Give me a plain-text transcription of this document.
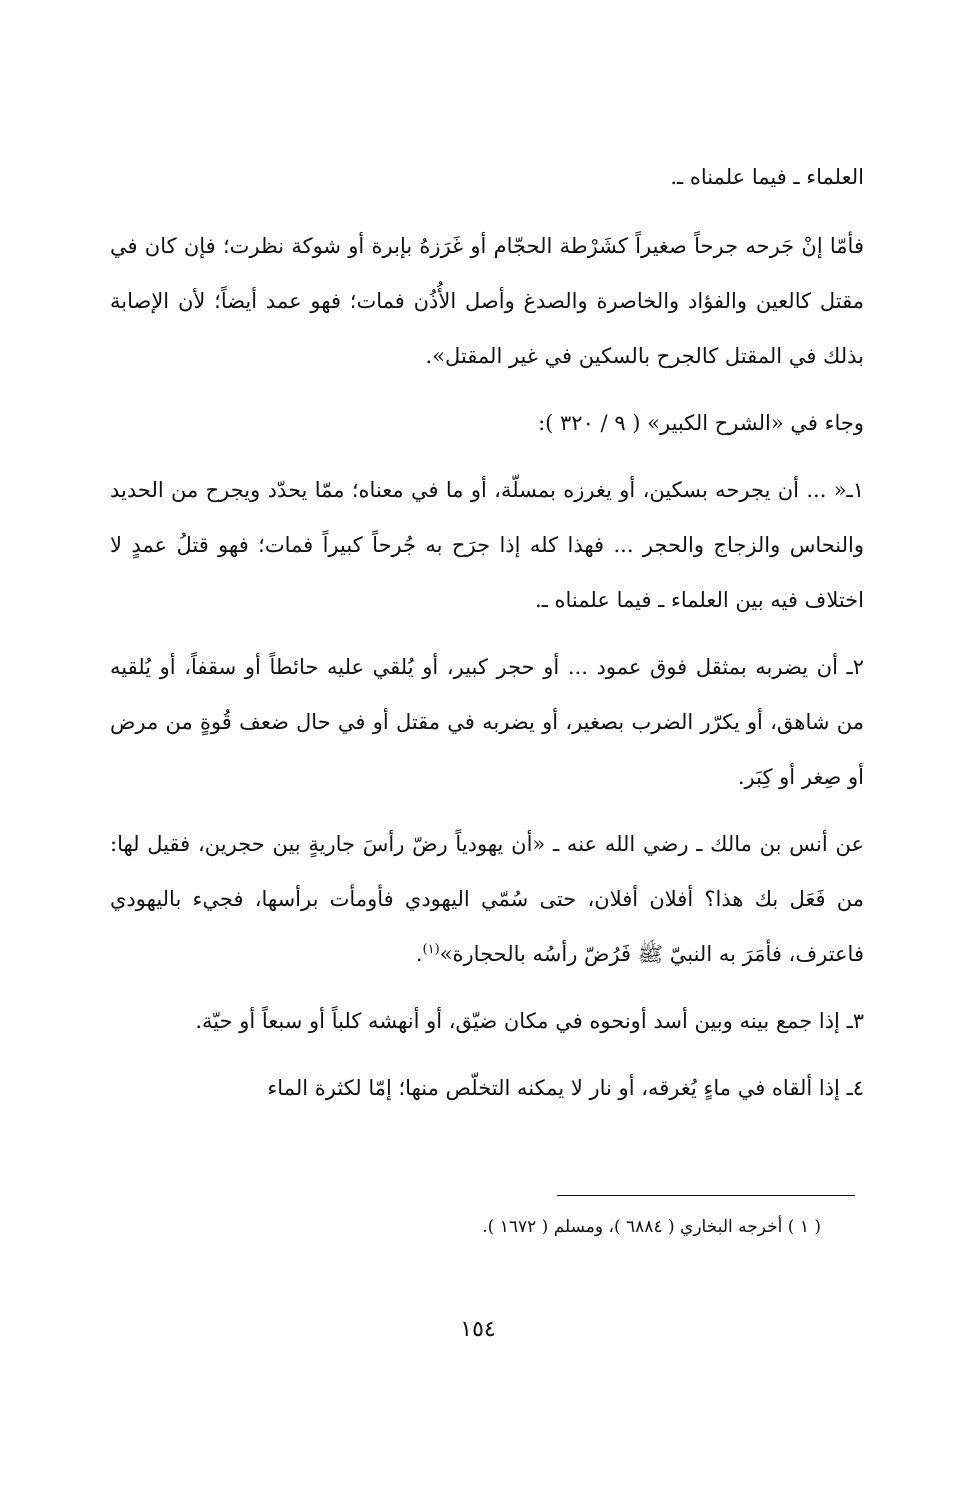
العلماء ـ فيما علمناه ـ.

فأمّا إنْ جَرحه جرحاً صغيراً كشَرْطة الحجّام أو غَرَزهُ بإبرة أو شوكة نظرت؛ فإن كان في مقتل كالعين والفؤاد والخاصرة والصدغ وأصل الأُذُن فمات؛ فهو عمد أيضاً؛ لأن الإصابة بذلك في المقتل كالجرح بالسكين في غير المقتل».

وجاء في «الشرح الكبير» ( ٩ / ٣٢٠ ):

١ـ« ... أن يجرحه بسكين، أو يغرزه بمسلّة، أو ما في معناه؛ ممّا يحدّد ويجرح من الحديد والنحاس والزجاج والحجر ... فهذا كله إذا جرَح به جُرحاً كبيراً فمات؛ فهو قتلُ عمدٍ لا اختلاف فيه بين العلماء ـ فيما علمناه ـ.

٢ـ أن يضربه بمثقل فوق عمود ... أو حجر كبير، أو يُلقي عليه حائطاً أو سقفاً، أو يُلقيه من شاهق، أو يكرّر الضرب بصغير، أو يضربه في مقتل أو في حال ضعف قُوةٍ من مرض أو صِغر أو كِبَر.

عن أنس بن مالك ـ رضي الله عنه ـ «أن يهودياً رضّ رأسَ جاريةٍ بين حجرين، فقيل لها: من فَعَل بك هذا؟ أفلان أفلان، حتى سُمّي اليهودي فأومأت برأسها، فجيء باليهودي فاعترف، فأمَرَ به النبيّ ﷺ فَرُضّ رأسُه بالحجارة»$^{(١)}$.

٣ـ إذا جمع بينه وبين أسد أونحوه في مكان ضيّق، أو أنهشه كلباً أو سبعاً أو حيّة.

٤ـ إذا ألقاه في ماءٍ يُغرقه، أو نار لا يمكنه التخلّص منها؛ إمّا لكثرة الماء

( ١ ) أخرجه البخاري ( ٦٨٨٤ )، ومسلم ( ١٦٧٢ ).
١٥٤
